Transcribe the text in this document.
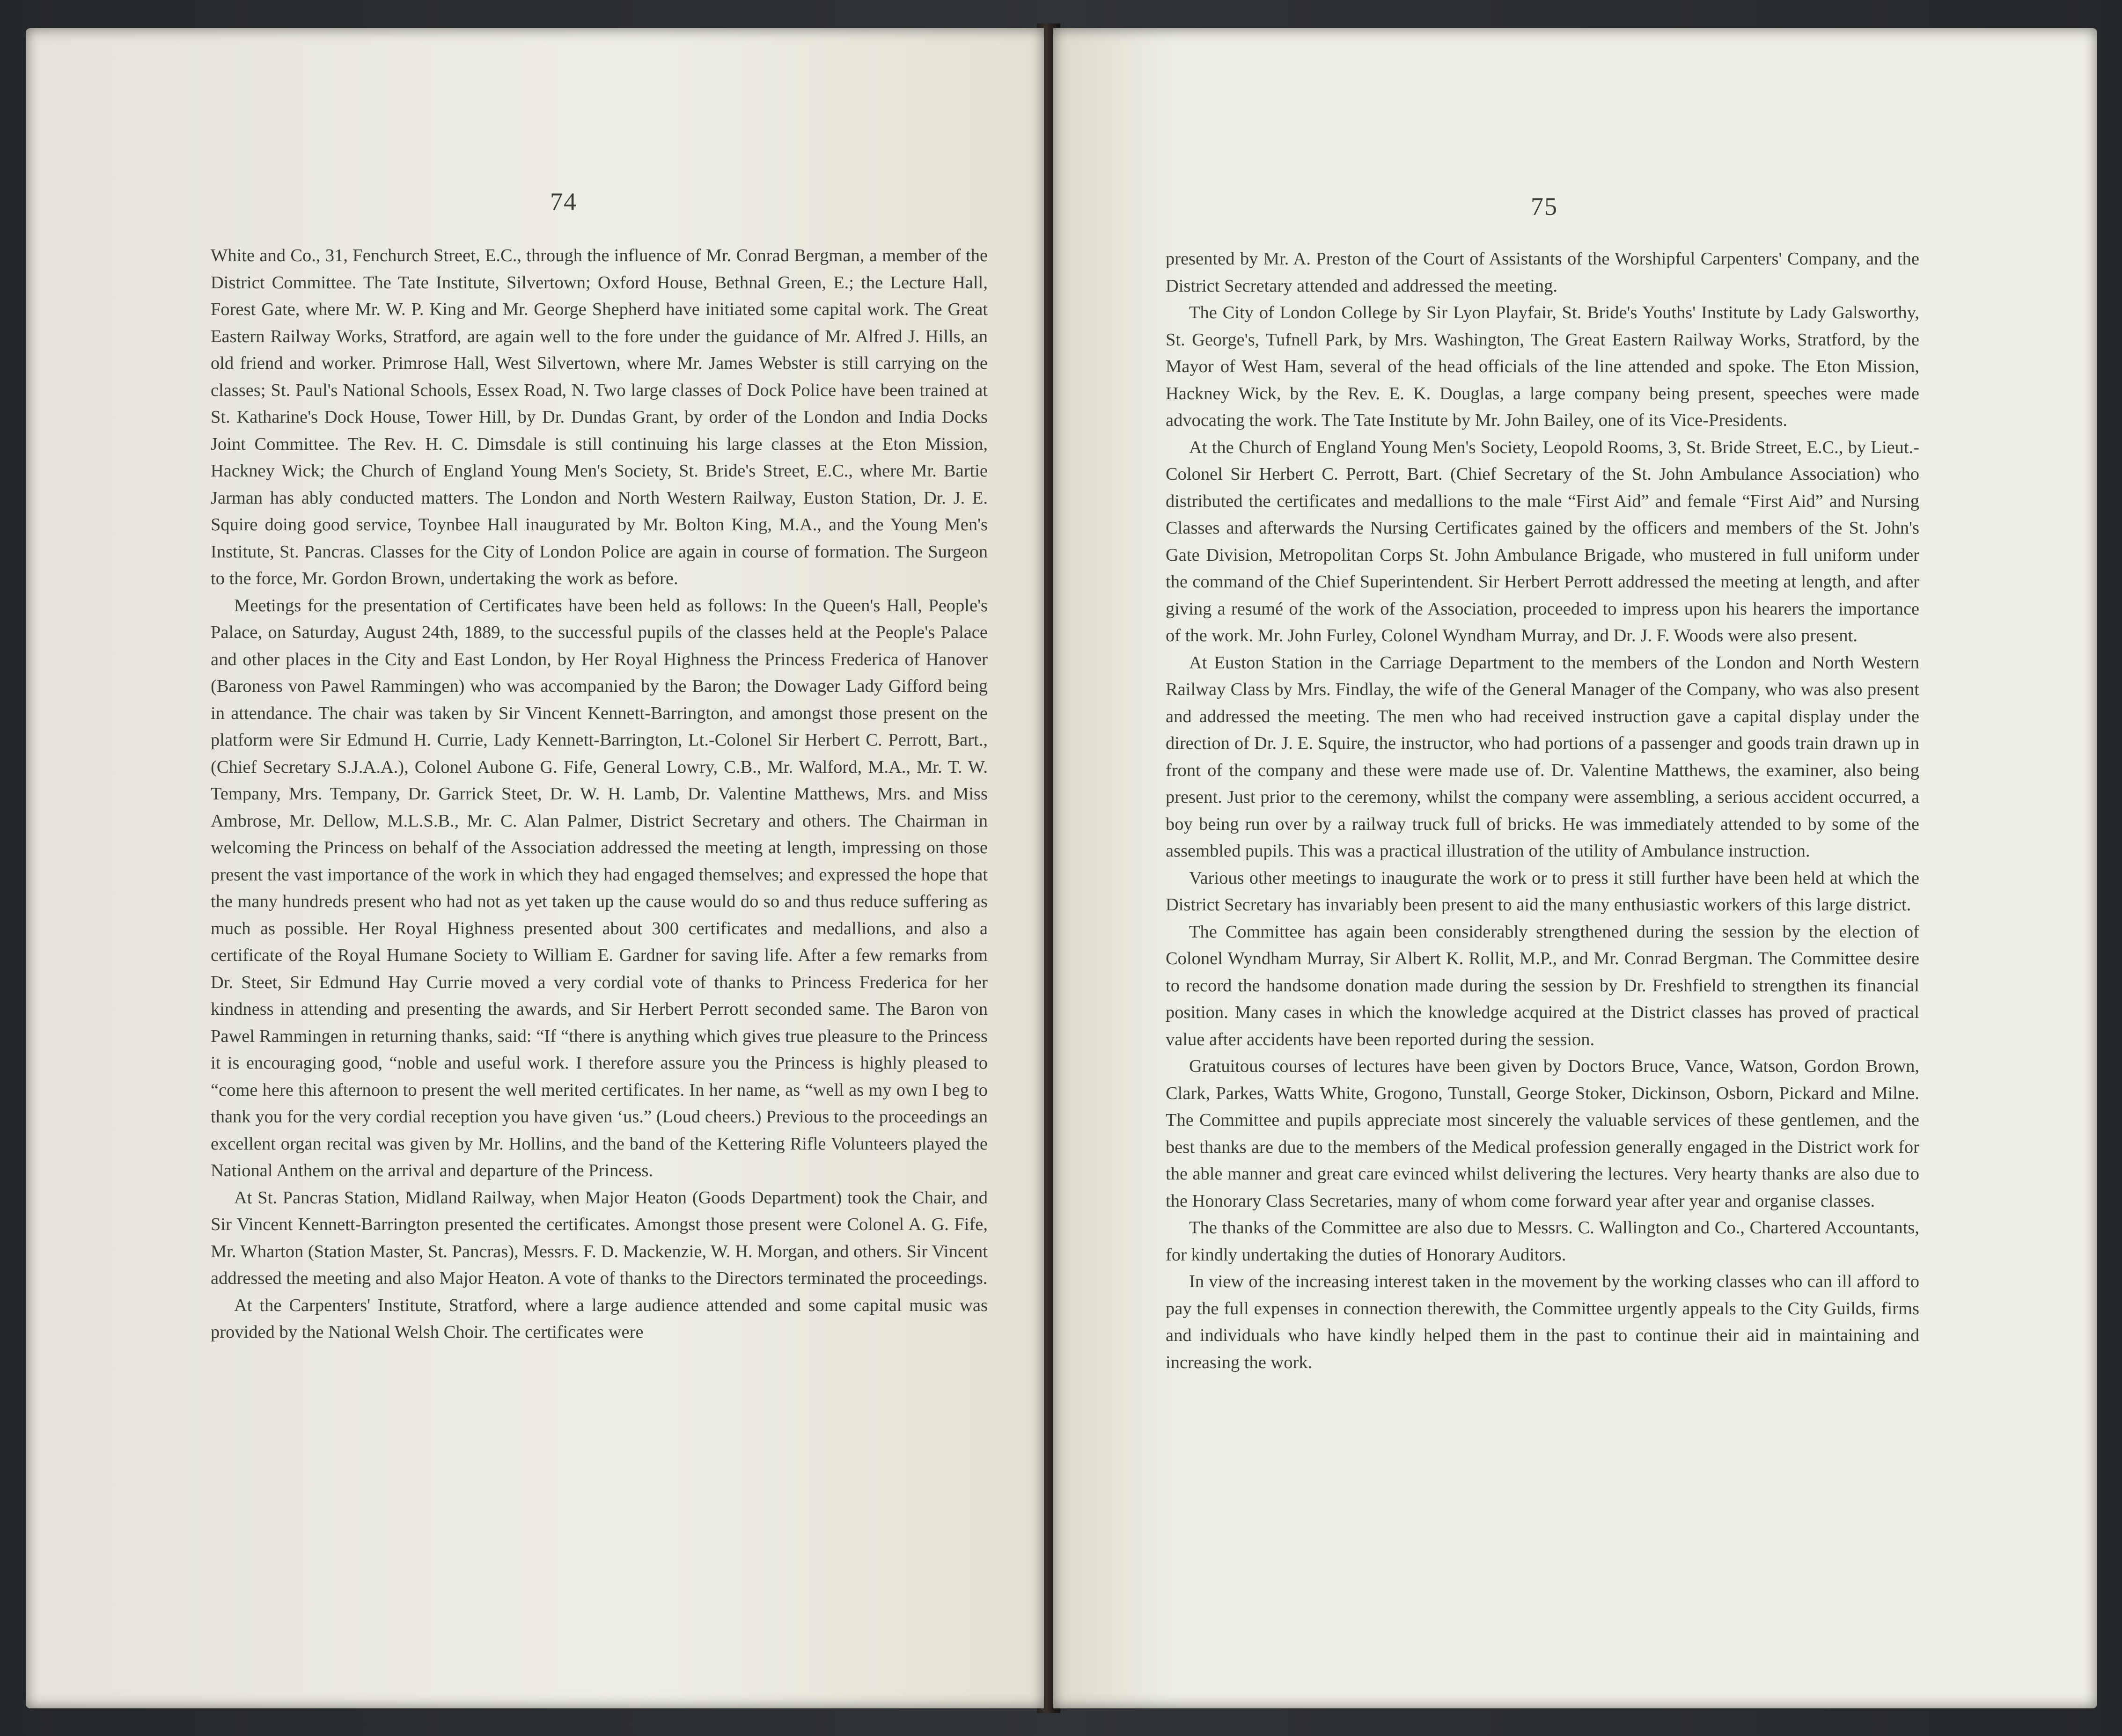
74

White and Co., 31, Fenchurch Street, E.C., through the influence of Mr. Conrad Bergman, a member of the District Committee. The Tate Institute, Silvertown; Oxford House, Bethnal Green, E.; the Lecture Hall, Forest Gate, where Mr. W. P. King and Mr. George Shepherd have initiated some capital work. The Great Eastern Railway Works, Stratford, are again well to the fore under the guidance of Mr. Alfred J. Hills, an old friend and worker. Primrose Hall, West Silvertown, where Mr. James Webster is still carrying on the classes; St. Paul's National Schools, Essex Road, N. Two large classes of Dock Police have been trained at St. Katharine's Dock House, Tower Hill, by Dr. Dundas Grant, by order of the London and India Docks Joint Committee. The Rev. H. C. Dimsdale is still continuing his large classes at the Eton Mission, Hackney Wick; the Church of England Young Men's Society, St. Bride's Street, E.C., where Mr. Bartie Jarman has ably conducted matters. The London and North Western Railway, Euston Station, Dr. J. E. Squire doing good service, Toynbee Hall inaugurated by Mr. Bolton King, M.A., and the Young Men's Institute, St. Pancras. Classes for the City of London Police are again in course of formation. The Surgeon to the force, Mr. Gordon Brown, undertaking the work as before.

Meetings for the presentation of Certificates have been held as follows: In the Queen's Hall, People's Palace, on Saturday, August 24th, 1889, to the successful pupils of the classes held at the People's Palace and other places in the City and East London, by Her Royal Highness the Princess Frederica of Hanover (Baroness von Pawel Rammingen) who was accompanied by the Baron; the Dowager Lady Gifford being in attendance. The chair was taken by Sir Vincent Kennett-Barrington, and amongst those present on the platform were Sir Edmund H. Currie, Lady Kennett-Barrington, Lt.-Colonel Sir Herbert C. Perrott, Bart., (Chief Secretary S.J.A.A.), Colonel Aubone G. Fife, General Lowry, C.B., Mr. Walford, M.A., Mr. T. W. Tempany, Mrs. Tempany, Dr. Garrick Steet, Dr. W. H. Lamb, Dr. Valentine Matthews, Mrs. and Miss Ambrose, Mr. Dellow, M.L.S.B., Mr. C. Alan Palmer, District Secretary and others. The Chairman in welcoming the Princess on behalf of the Association addressed the meeting at length, impressing on those present the vast importance of the work in which they had engaged themselves; and expressed the hope that the many hundreds present who had not as yet taken up the cause would do so and thus reduce suffering as much as possible. Her Royal Highness presented about 300 certificates and medallions, and also a certificate of the Royal Humane Society to William E. Gardner for saving life. After a few remarks from Dr. Steet, Sir Edmund Hay Currie moved a very cordial vote of thanks to Princess Frederica for her kindness in attending and presenting the awards, and Sir Herbert Perrott seconded same. The Baron von Pawel Rammingen in returning thanks, said: “If “there is anything which gives true pleasure to the Princess it is encouraging good, “noble and useful work. I therefore assure you the Princess is highly pleased to “come here this afternoon to present the well merited certificates. In her name, as “well as my own I beg to thank you for the very cordial reception you have given ‘us.” (Loud cheers.) Previous to the proceedings an excellent organ recital was given by Mr. Hollins, and the band of the Kettering Rifle Volunteers played the National Anthem on the arrival and departure of the Princess.

At St. Pancras Station, Midland Railway, when Major Heaton (Goods Department) took the Chair, and Sir Vincent Kennett-Barrington presented the certificates. Amongst those present were Colonel A. G. Fife, Mr. Wharton (Station Master, St. Pancras), Messrs. F. D. Mackenzie, W. H. Morgan, and others. Sir Vincent addressed the meeting and also Major Heaton. A vote of thanks to the Directors terminated the proceedings.

At the Carpenters' Institute, Stratford, where a large audience attended and some capital music was provided by the National Welsh Choir. The certificates were

75

presented by Mr. A. Preston of the Court of Assistants of the Worshipful Carpenters' Company, and the District Secretary attended and addressed the meeting.

The City of London College by Sir Lyon Playfair, St. Bride's Youths' Institute by Lady Galsworthy, St. George's, Tufnell Park, by Mrs. Washington, The Great Eastern Railway Works, Stratford, by the Mayor of West Ham, several of the head officials of the line attended and spoke. The Eton Mission, Hackney Wick, by the Rev. E. K. Douglas, a large company being present, speeches were made advocating the work. The Tate Institute by Mr. John Bailey, one of its Vice-Presidents.

At the Church of England Young Men's Society, Leopold Rooms, 3, St. Bride Street, E.C., by Lieut.-Colonel Sir Herbert C. Perrott, Bart. (Chief Secretary of the St. John Ambulance Association) who distributed the certificates and medallions to the male “First Aid” and female “First Aid” and Nursing Classes and afterwards the Nursing Certificates gained by the officers and members of the St. John's Gate Division, Metropolitan Corps St. John Ambulance Brigade, who mustered in full uniform under the command of the Chief Superintendent. Sir Herbert Perrott addressed the meeting at length, and after giving a resumé of the work of the Association, proceeded to impress upon his hearers the importance of the work. Mr. John Furley, Colonel Wyndham Murray, and Dr. J. F. Woods were also present.

At Euston Station in the Carriage Department to the members of the London and North Western Railway Class by Mrs. Findlay, the wife of the General Manager of the Company, who was also present and addressed the meeting. The men who had received instruction gave a capital display under the direction of Dr. J. E. Squire, the instructor, who had portions of a passenger and goods train drawn up in front of the company and these were made use of. Dr. Valentine Matthews, the examiner, also being present. Just prior to the ceremony, whilst the company were assembling, a serious accident occurred, a boy being run over by a railway truck full of bricks. He was immediately attended to by some of the assembled pupils. This was a practical illustration of the utility of Ambulance instruction.

Various other meetings to inaugurate the work or to press it still further have been held at which the District Secretary has invariably been present to aid the many enthusiastic workers of this large district.

The Committee has again been considerably strengthened during the session by the election of Colonel Wyndham Murray, Sir Albert K. Rollit, M.P., and Mr. Conrad Bergman. The Committee desire to record the handsome donation made during the session by Dr. Freshfield to strengthen its financial position. Many cases in which the knowledge acquired at the District classes has proved of practical value after accidents have been reported during the session.

Gratuitous courses of lectures have been given by Doctors Bruce, Vance, Watson, Gordon Brown, Clark, Parkes, Watts White, Grogono, Tunstall, George Stoker, Dickinson, Osborn, Pickard and Milne. The Committee and pupils appreciate most sincerely the valuable services of these gentlemen, and the best thanks are due to the members of the Medical profession generally engaged in the District work for the able manner and great care evinced whilst delivering the lectures. Very hearty thanks are also due to the Honorary Class Secretaries, many of whom come forward year after year and organise classes.

The thanks of the Committee are also due to Messrs. C. Wallington and Co., Chartered Accountants, for kindly undertaking the duties of Honorary Auditors.

In view of the increasing interest taken in the movement by the working classes who can ill afford to pay the full expenses in connection therewith, the Committee urgently appeals to the City Guilds, firms and individuals who have kindly helped them in the past to continue their aid in maintaining and increasing the work.
